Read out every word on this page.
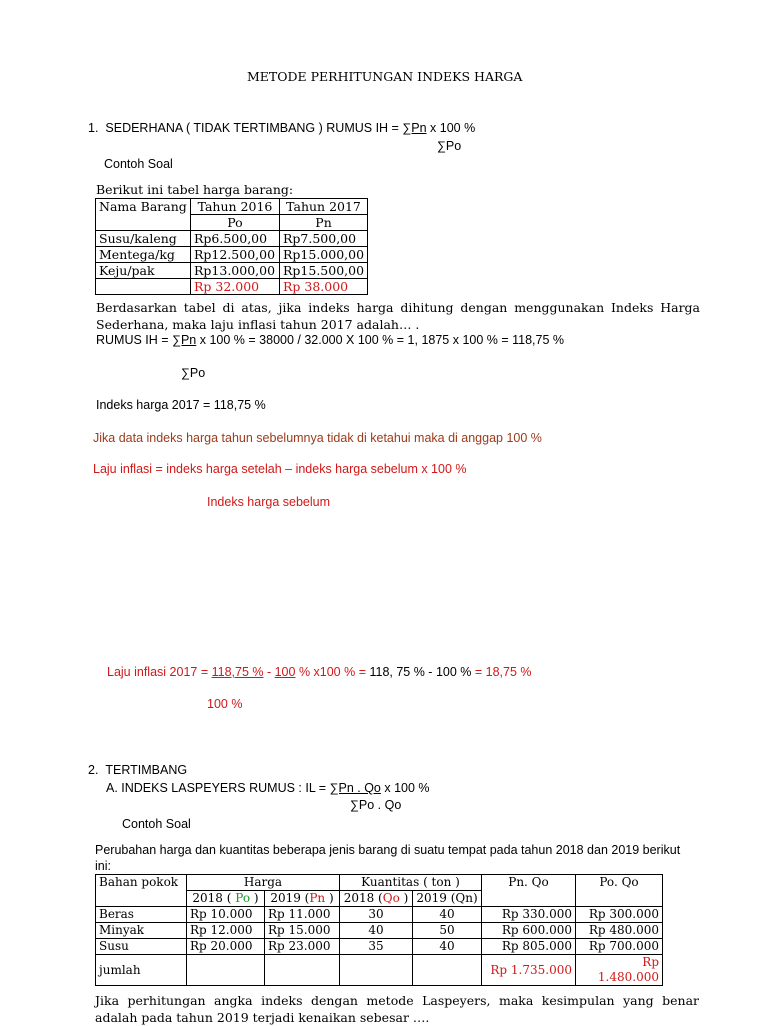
METODE PERHITUNGAN INDEKS HARGA
1. SEDERHANA ( TIDAK TERTIMBANG ) RUMUS IH = ∑Pn x 100 %
∑Po
Contoh Soal
Berikut ini tabel harga barang:
Nama Barang	Tahun 2016	Tahun 2017
	Po	Pn
Susu/kaleng	Rp6.500,00	Rp7.500,00
Mentega/kg	Rp12.500,00	Rp15.000,00
Keju/pak	Rp13.000,00	Rp15.500,00
	Rp 32.000	Rp 38.000
Berdasarkan tabel di atas, jika indeks harga dihitung dengan menggunakan Indeks Harga Sederhana, maka laju inflasi tahun 2017 adalah… .
RUMUS IH = ∑Pn x 100 % = 38000 / 32.000 X 100 % = 1, 1875 x 100 % = 118,75 %
∑Po
Indeks harga 2017 = 118,75 %
Jika data indeks harga tahun sebelumnya tidak di ketahui maka di anggap 100 %
Laju inflasi = indeks harga setelah – indeks harga sebelum x 100 %
Indeks harga sebelum
Laju inflasi 2017 = 118,75 % - 100 % x100 % = 118, 75 % - 100 % = 18,75 %
100 %
2. TERTIMBANG
A. INDEKS LASPEYERS RUMUS : IL = ∑Pn . Qo x 100 %
∑Po . Qo
Contoh Soal
Perubahan harga dan kuantitas beberapa jenis barang di suatu tempat pada tahun 2018 dan 2019 berikut ini:
Bahan pokok	Harga		Kuantitas ( ton )		Pn. Qo	Po. Qo
	2018 ( Po )	2019 (Pn )	2018 (Qo )	2019 (Qn)		
Beras	Rp 10.000	Rp 11.000	30	40	Rp 330.000	Rp 300.000
Minyak	Rp 12.000	Rp 15.000	40	50	Rp 600.000	Rp 480.000
Susu	Rp 20.000	Rp 23.000	35	40	Rp 805.000	Rp 700.000
jumlah					Rp 1.735.000	Rp 1.480.000
Jika perhitungan angka indeks dengan metode Laspeyers, maka kesimpulan yang benar adalah pada tahun 2019 terjadi kenaikan sebesar ….
